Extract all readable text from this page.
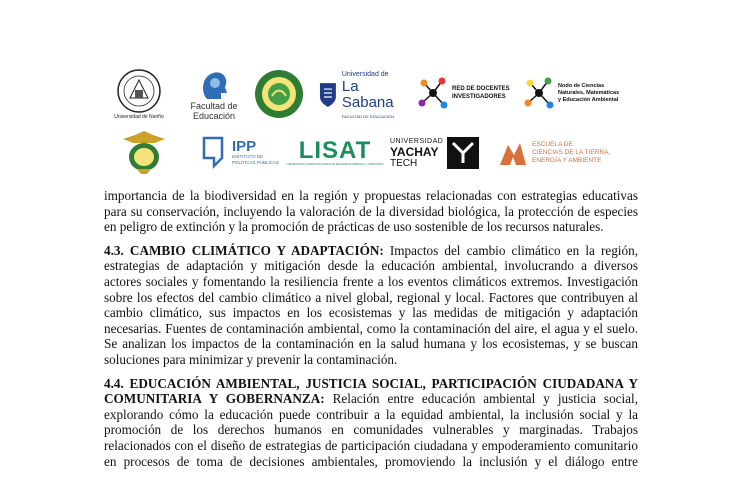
Universidad de Nariño
Facultad de
Educación
Universidad de
La Sabana
FACULTAD DE EDUCACIÓN
RED DE DOCENTES
INVESTIGADORES
Nodo de Ciencias
Naturales, Matemáticas
y Educación Ambiental
IPP
INSTITUTO DE
POLÍTICAS PÚBLICAS LISAT
LABORATORIO INTERDISCIPLINARIO DE SEGURIDAD AMBIENTAL Y TERRITORIO
UNIVERSIDAD
YACHAY
TECH
ESCUELA DE
CIENCIAS DE LA TIERRA,
ENERGÍA Y AMBIENTE
importancia de la biodiversidad en la región y propuestas relacionadas con estrategias educativas
para su conservación, incluyendo la valoración de la diversidad biológica, la protección de especies
en peligro de extinción y la promoción de prácticas de uso sostenible de los recursos naturales.
4.3. CAMBIO CLIMÁTICO Y ADAPTACIÓN: Impactos del cambio climático en la región,
estrategias de adaptación y mitigación desde la educación ambiental, involucrando a diversos
actores sociales y fomentando la resiliencia frente a los eventos climáticos extremos. Investigación
sobre los efectos del cambio climático a nivel global, regional y local. Factores que contribuyen al
cambio climático, sus impactos en los ecosistemas y las medidas de mitigación y adaptación
necesarias. Fuentes de contaminación ambiental, como la contaminación del aire, el agua y el suelo.
Se analizan los impactos de la contaminación en la salud humana y los ecosistemas, y se buscan
soluciones para minimizar y prevenir la contaminación.
4.4. EDUCACIÓN AMBIENTAL, JUSTICIA SOCIAL, PARTICIPACIÓN CIUDADANA Y
COMUNITARIA Y GOBERNANZA: Relación entre educación ambiental y justicia social,
explorando cómo la educación puede contribuir a la equidad ambiental, la inclusión social y la
promoción de los derechos humanos en comunidades vulnerables y marginadas. Trabajos
relacionados con el diseño de estrategias de participación ciudadana y empoderamiento comunitario
en procesos de toma de decisiones ambientales, promoviendo la inclusión y el diálogo entre
